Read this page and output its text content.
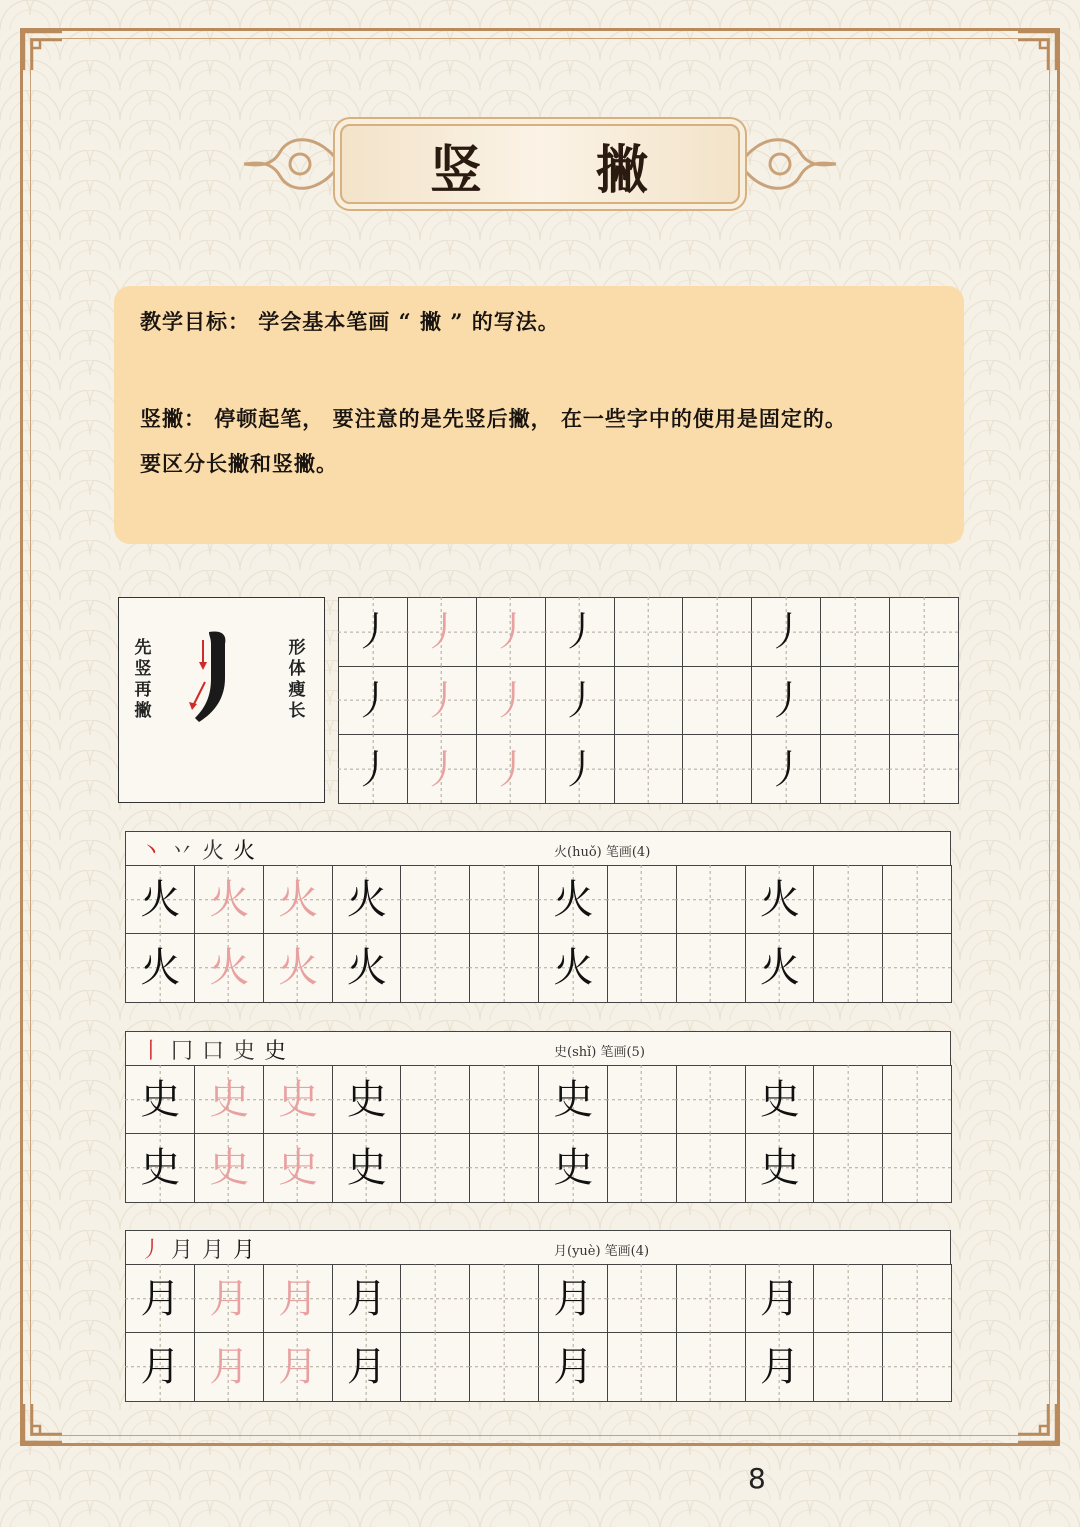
竖 撇
教学目标： 学会基本笔画 “ 撇 ” 的写法。
竖撇： 停顿起笔， 要注意的是先竖后撇， 在一些字中的使用是固定的。
要区分长撇和竖撇。
先竖再撇
形体瘦长
丿 丿 丿 丿	丿
丿 丿 丿 丿	丿
丿 丿 丿 丿	丿
丶 丷 火 火	火(huǒ) 笔画(4)
火 火 火 火	火	火
火 火 火 火	火	火
丨 冂 口 史 史	史(shǐ) 笔画(5)
史 史 史 史	史	史
史 史 史 史	史	史
丿 月 月 月	月(yuè) 笔画(4)
月 月 月 月	月	月
月 月 月 月	月	月
8
